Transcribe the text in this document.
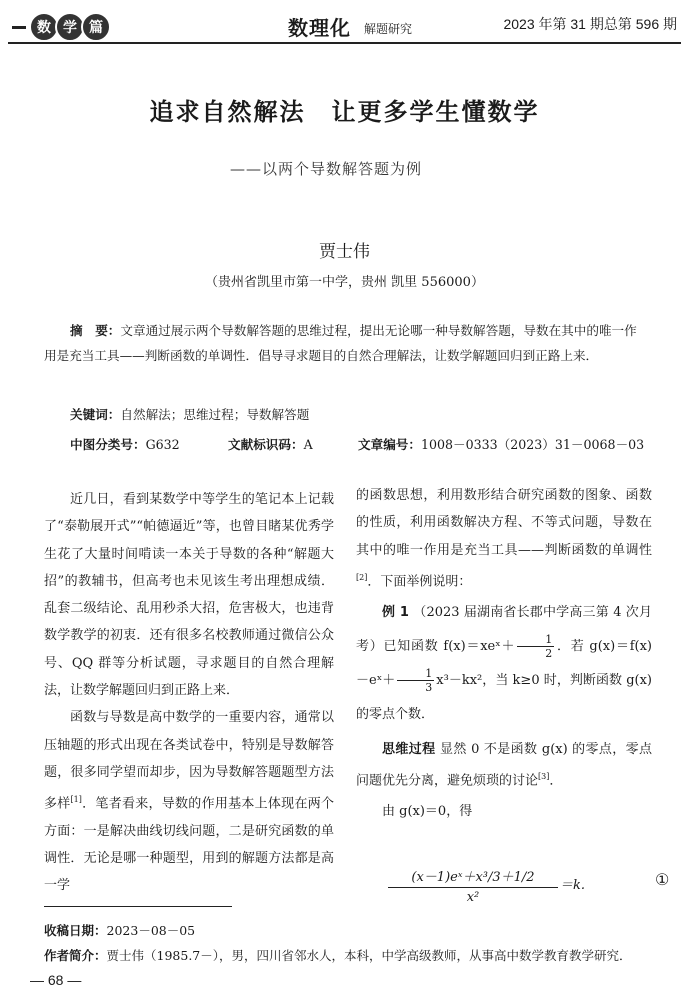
数 学 篇	数理化 解题研究	2023 年第 31 期总第 596 期
追求自然解法　让更多学生懂数学
——以两个导数解答题为例
贾士伟
（贵州省凯里市第一中学，贵州 凯里 556000）
摘　要：文章通过展示两个导数解答题的思维过程，提出无论哪一种导数解答题，导数在其中的唯一作用是充当工具——判断函数的单调性．倡导寻求题目的自然合理解法，让数学解题回归到正路上来．
关键词：自然解法；思维过程；导数解答题
中图分类号：G632	文献标识码：A	文章编号：1008－0333（2023）31－0068－03

近几日，看到某数学中等学生的笔记本上记载了“泰勒展开式”“帕德逼近”等，也曾目睹某优秀学生花了大量时间啃读一本关于导数的各种“解题大招”的教辅书，但高考也未见该生考出理想成绩．乱套二级结论、乱用秒杀大招，危害极大，也违背数学教学的初衷．还有很多名校教师通过微信公众号、QQ 群等分析试题，寻求题目的自然合理解法，让数学解题回归到正路上来．

函数与导数是高中数学的一重要内容，通常以压轴题的形式出现在各类试卷中，特别是导数解答题，很多同学望而却步，因为导数解答题题型方法多样[1]．笔者看来，导数的作用基本上体现在两个方面：一是解决曲线切线问题，二是研究函数的单调性．无论是哪一种题型，用到的解题方法都是高一学

的函数思想，利用数形结合研究函数的图象、函数的性质，利用函数解决方程、不等式问题，导数在其中的唯一作用是充当工具——判断函数的单调性[2]．下面举例说明：

例 1 （2023 届湖南省长郡中学高三第 4 次月考）已知函数 f(x)＝xeˣ＋ $\frac{1}{2}$ ．若 g(x)＝f(x) －eˣ＋ $\frac{1}{3} x^3-kx^2$，当 k≥0 时，判断函数 g(x) 的零点个数．

思维过程 显然 0 不是函数 g(x) 的零点，零点问题优先分离，避免烦琐的讨论[3]．

由 g(x)＝0，得

$\frac{\text{(x－1)eˣ＋x³/3＋1/2}}{\text{x²}} =k$.	①
收稿日期：2023－08－05
作者简介：贾士伟（1985.7－），男，四川省邻水人，本科，中学高级教师，从事高中数学教育教学研究．
— 68 —
